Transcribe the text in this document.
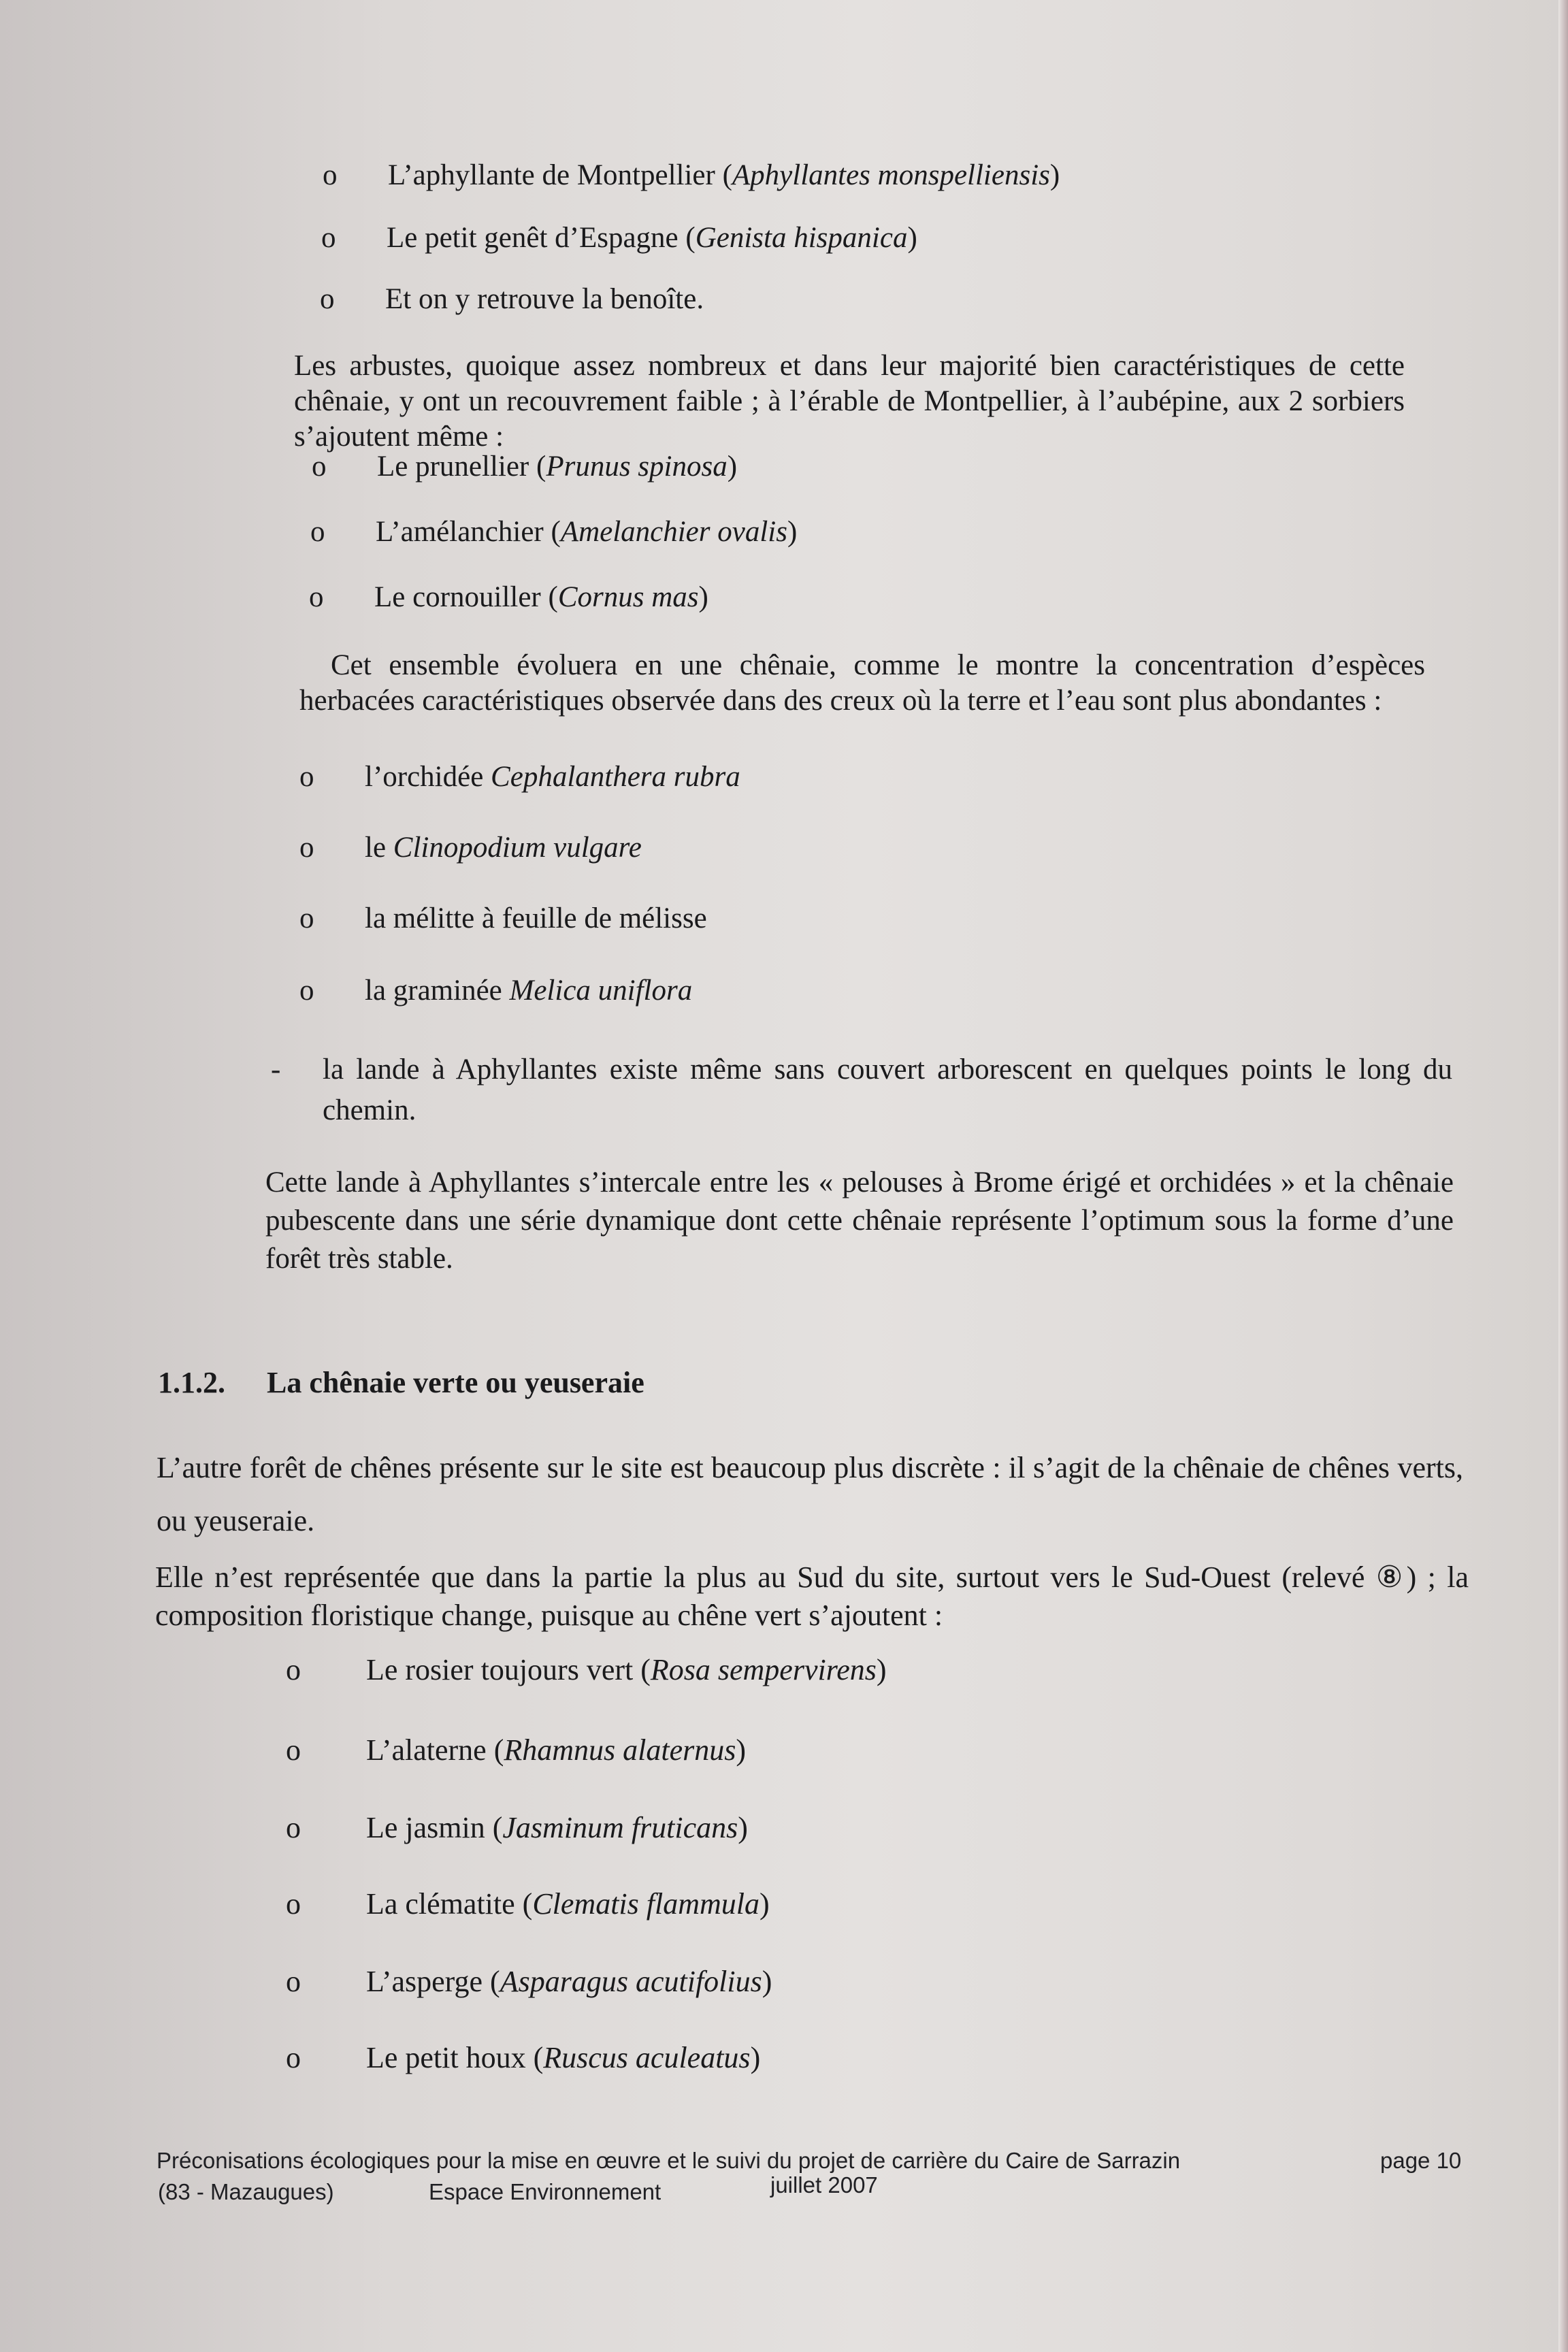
o L’aphyllante de Montpellier (Aphyllantes monspelliensis)
o Le petit genêt d’Espagne (Genista hispanica)
o Et on y retrouve la benoîte.

Les arbustes, quoique assez nombreux et dans leur majorité bien caractéristiques de cette chênaie, y ont un recouvrement faible ; à l’érable de Montpellier, à l’aubépine, aux 2 sorbiers s’ajoutent même :

o Le prunellier (Prunus spinosa)
o L’amélanchier (Amelanchier ovalis)
o Le cornouiller (Cornus mas)

Cet ensemble évoluera en une chênaie, comme le montre la concentration d’espèces herbacées caractéristiques observée dans des creux où la terre et l’eau sont plus abondantes :

o l’orchidée Cephalanthera rubra
o le Clinopodium vulgare
o la mélitte à feuille de mélisse
o la graminée Melica uniflora
- la lande à Aphyllantes existe même sans couvert arborescent en quelques points le long du chemin.

Cette lande à Aphyllantes s’intercale entre les « pelouses à Brome érigé et orchidées » et la chênaie pubescente dans une série dynamique dont cette chênaie représente l’optimum sous la forme d’une forêt très stable.

1.1.2. La chênaie verte ou yeuseraie

L’autre forêt de chênes présente sur le site est beaucoup plus discrète : il s’agit de la chênaie de chênes verts, ou yeuseraie.

Elle n’est représentée que dans la partie la plus au Sud du site, surtout vers le Sud-Ouest (relevé ⑧) ; la composition floristique change, puisque au chêne vert s’ajoutent :

o Le rosier toujours vert (Rosa sempervirens)
o L’alaterne (Rhamnus alaternus)
o Le jasmin (Jasminum fruticans)
o La clématite (Clematis flammula)
o L’asperge (Asparagus acutifolius)
o Le petit houx (Ruscus aculeatus)
Préconisations écologiques pour la mise en œuvre et le suivi du projet de carrière du Caire de Sarrazin
(83 - Mazaugues)	Espace Environnement	juillet 2007
page 10
